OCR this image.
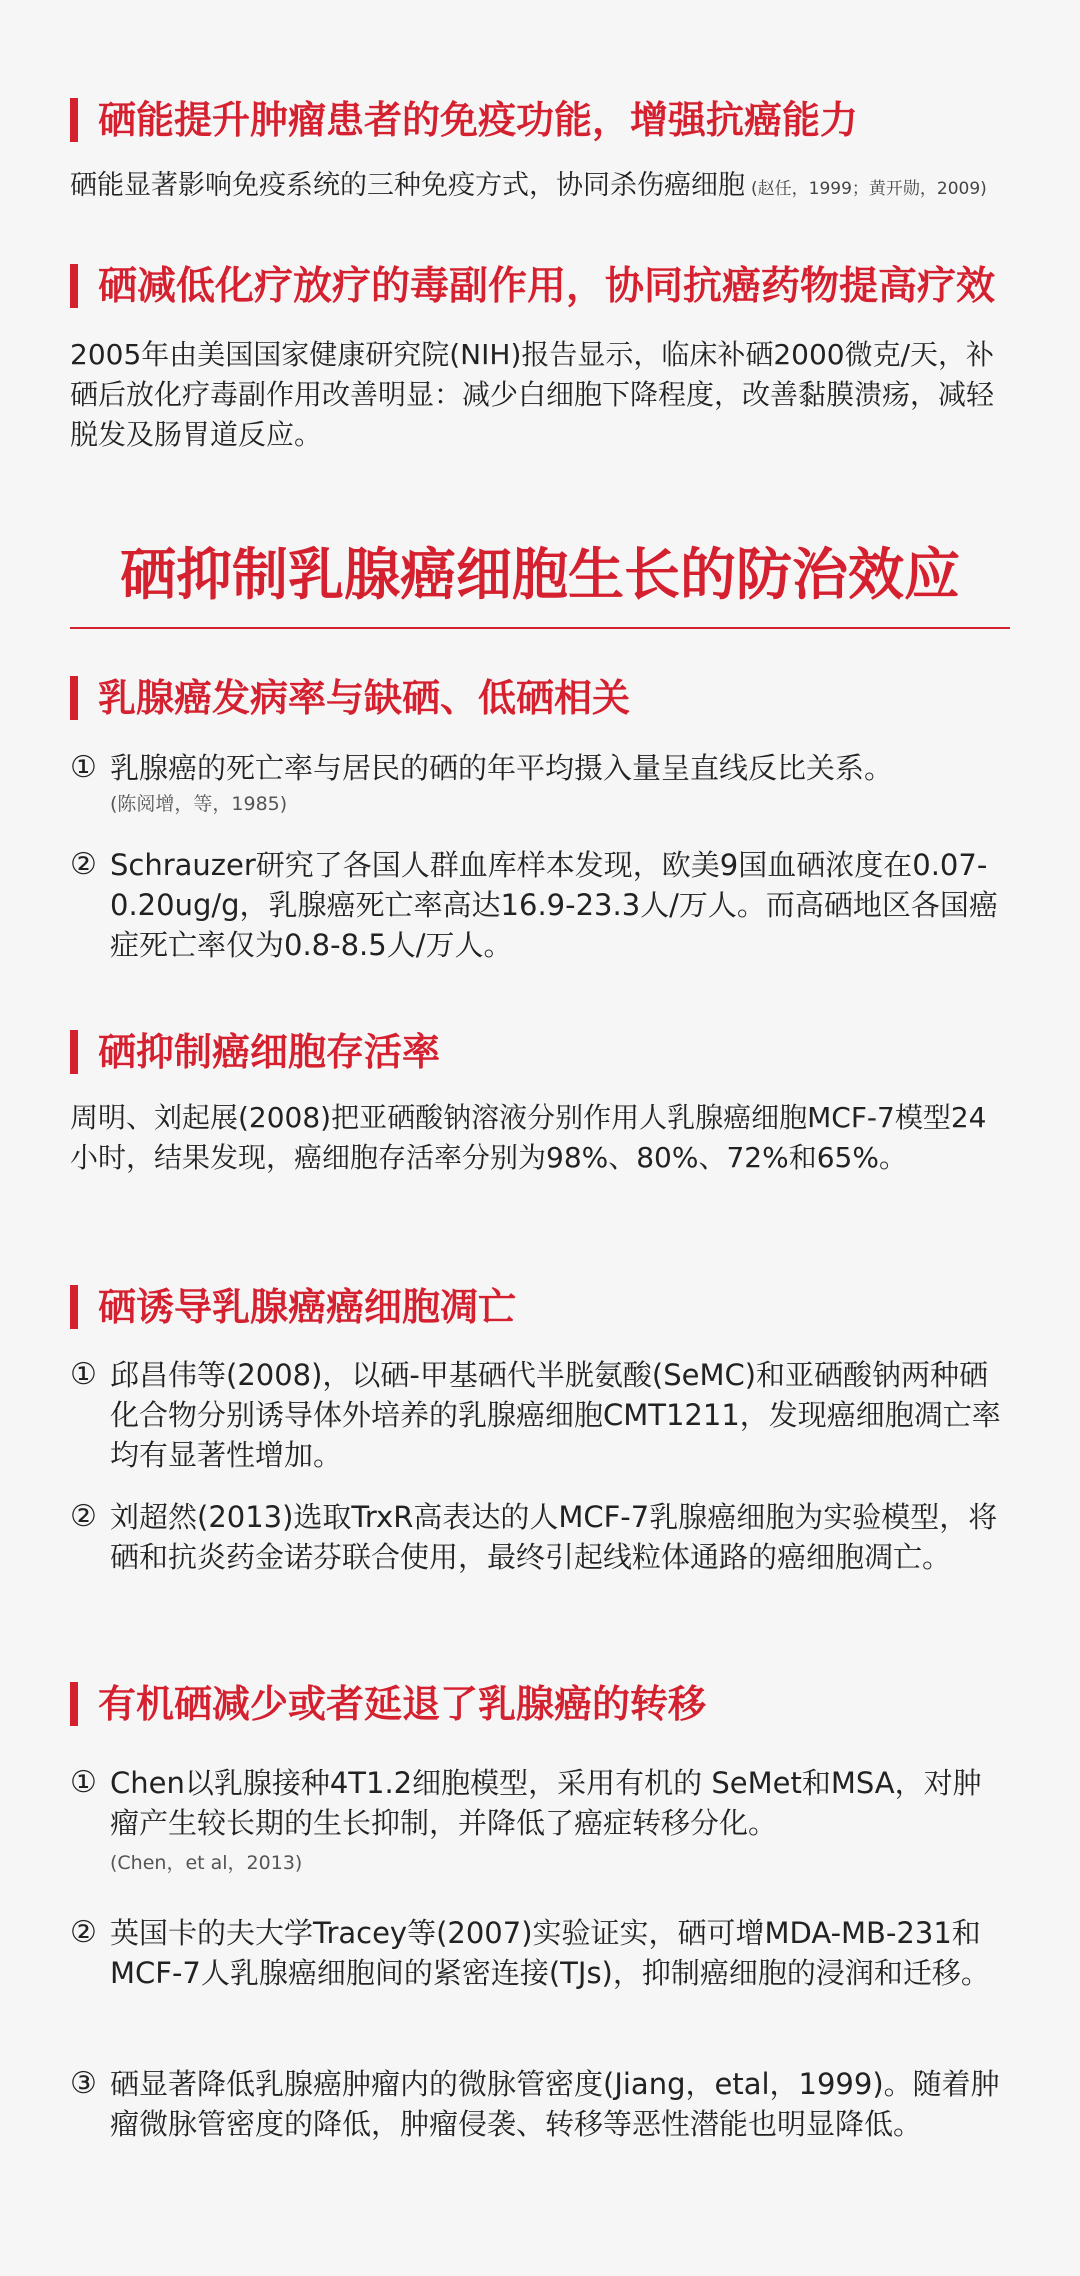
硒能提升肿瘤患者的免疫功能，增强抗癌能力
硒能显著影响免疫系统的三种免疫方式，协同杀伤癌细胞 (赵任，1999；黄开勋，2009)
硒减低化疗放疗的毒副作用，协同抗癌药物提高疗效
2005年由美国国家健康研究院(NIH)报告显示，临床补硒2000微克/天，补硒后放化疗毒副作用改善明显：减少白细胞下降程度，改善黏膜溃疡，减轻脱发及肠胃道反应。
硒抑制乳腺癌细胞生长的防治效应
乳腺癌发病率与缺硒、低硒相关
① 乳腺癌的死亡率与居民的硒的年平均摄入量呈直线反比关系。
(陈阅增，等，1985)
② Schrauzer研究了各国人群血库样本发现，欧美9国血硒浓度在0.07-0.20ug/g，乳腺癌死亡率高达16.9-23.3人/万人。而高硒地区各国癌症死亡率仅为0.8-8.5人/万人。
硒抑制癌细胞存活率
周明、刘起展(2008)把亚硒酸钠溶液分别作用人乳腺癌细胞MCF-7模型24小时，结果发现，癌细胞存活率分别为98%、80%、72%和65%。
硒诱导乳腺癌癌细胞凋亡
① 邱昌伟等(2008)，以硒-甲基硒代半胱氨酸(SeMC)和亚硒酸钠两种硒化合物分别诱导体外培养的乳腺癌细胞CMT1211，发现癌细胞凋亡率均有显著性增加。
② 刘超然(2013)选取TrxR高表达的人MCF-7乳腺癌细胞为实验模型，将硒和抗炎药金诺芬联合使用，最终引起线粒体通路的癌细胞凋亡。
有机硒减少或者延退了乳腺癌的转移
① Chen以乳腺接种4T1.2细胞模型，采用有机的 SeMet和MSA，对肿瘤产生较长期的生长抑制，并降低了癌症转移分化。
(Chen，et al，2013)
② 英国卡的夫大学Tracey等(2007)实验证实，硒可增MDA-MB-231和MCF-7人乳腺癌细胞间的紧密连接(TJs)，抑制癌细胞的浸润和迁移。
③ 硒显著降低乳腺癌肿瘤内的微脉管密度(Jiang，etal，1999)。随着肿瘤微脉管密度的降低，肿瘤侵袭、转移等恶性潜能也明显降低。
